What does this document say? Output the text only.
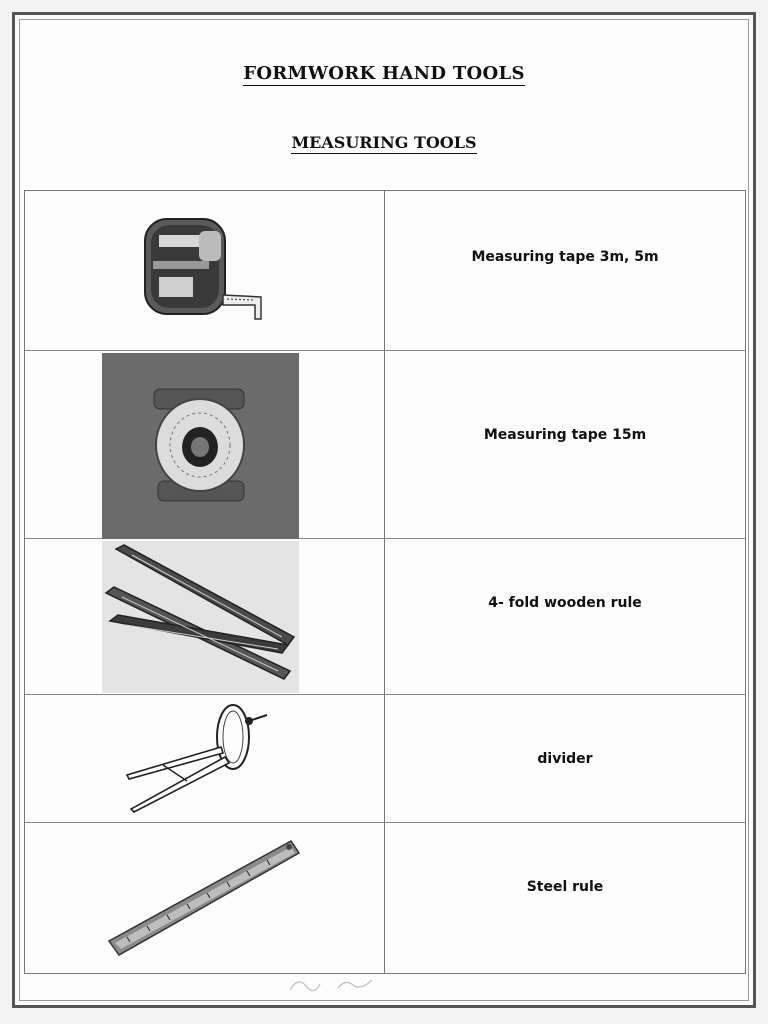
FORMWORK HAND TOOLS
MEASURING TOOLS
Measuring tape 3m, 5m
Measuring tape 15m
4- fold wooden rule
divider
Steel rule
